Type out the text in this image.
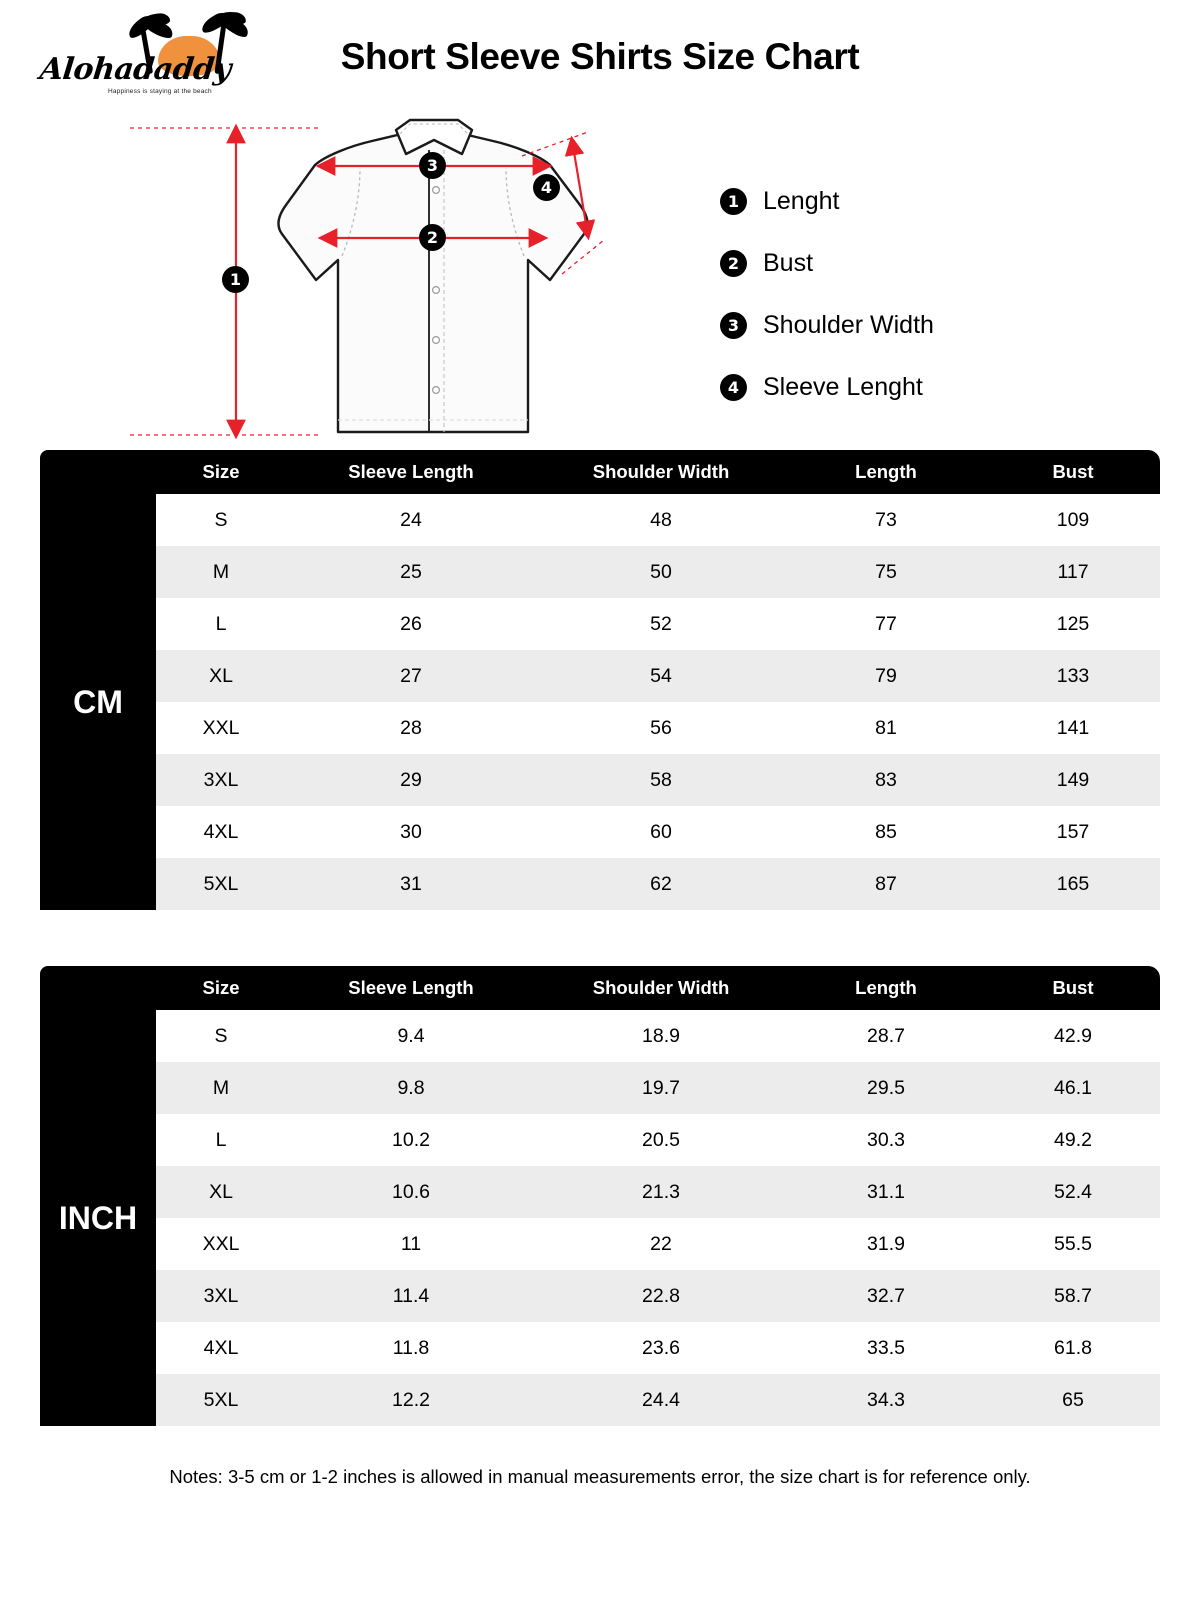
Alohadaddy
Happiness is staying at the beach
Short Sleeve Shirts Size Chart
1
2
3
4
1 Lenght
2 Bust
3 Shoulder Width
4 Sleeve Lenght
	Size	Sleeve Length	Shoulder Width	Length	Bust
CM	S	24	48	73	109
	M	25	50	75	117
	L	26	52	77	125
	XL	27	54	79	133
	XXL	28	56	81	141
	3XL	29	58	83	149
	4XL	30	60	85	157
	5XL	31	62	87	165
	Size	Sleeve Length	Shoulder Width	Length	Bust
INCH	S	9.4	18.9	28.7	42.9
	M	9.8	19.7	29.5	46.1
	L	10.2	20.5	30.3	49.2
	XL	10.6	21.3	31.1	52.4
	XXL	11	22	31.9	55.5
	3XL	11.4	22.8	32.7	58.7
	4XL	11.8	23.6	33.5	61.8
	5XL	12.2	24.4	34.3	65
Notes: 3-5 cm or 1-2 inches is allowed in manual measurements error, the size chart is for reference only.
